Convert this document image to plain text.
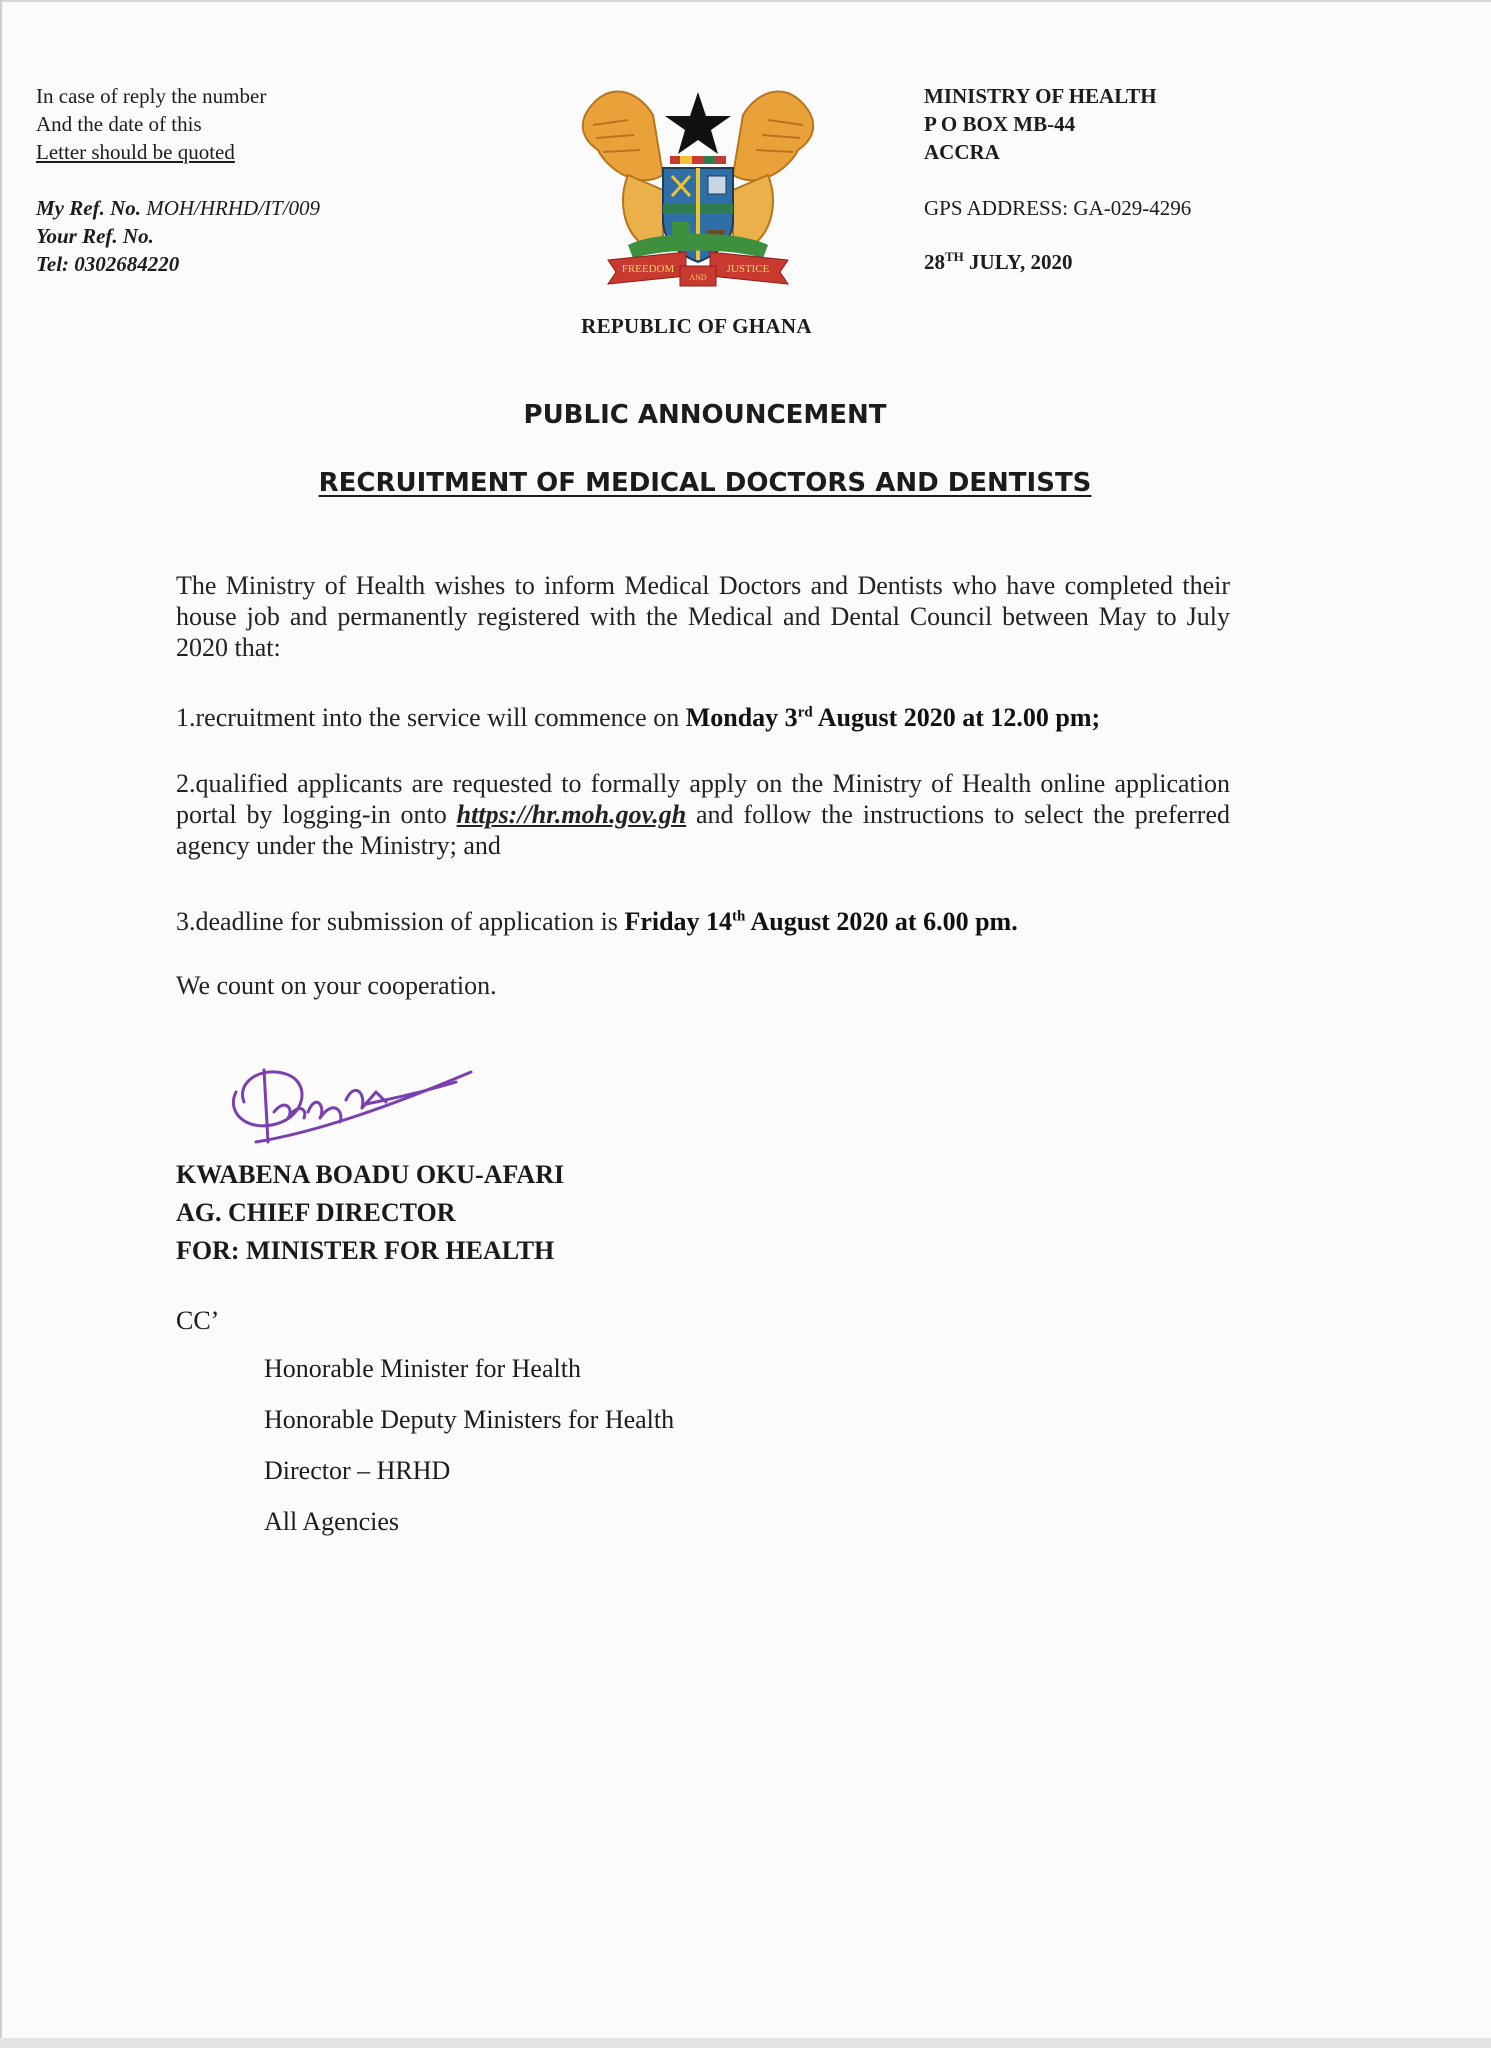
In case of reply the number
And the date of this
Letter should be quoted
My Ref. No. MOH/HRHD/IT/009
Your Ref. No.
Tel: 0302684220	FREEDOM	JUSTICE
AND
REPUBLIC OF GHANA
MINISTRY OF HEALTH
P O BOX MB-44
ACCRA
GPS ADDRESS: GA-029-4296
28TH JULY, 2020
PUBLIC ANNOUNCEMENT
RECRUITMENT OF MEDICAL DOCTORS AND DENTISTS
The Ministry of Health wishes to inform Medical Doctors and Dentists who have completed their house job and permanently registered with the Medical and Dental Council between May to July 2020 that:
1.recruitment into the service will commence on Monday 3rd August 2020 at 12.00 pm;
2.qualified applicants are requested to formally apply on the Ministry of Health online application portal by logging-in onto https://hr.moh.gov.gh and follow the instructions to select the preferred agency under the Ministry; and
3.deadline for submission of application is Friday 14th August 2020 at 6.00 pm.
We count on your cooperation.
KWABENA BOADU OKU-AFARI
AG. CHIEF DIRECTOR
FOR: MINISTER FOR HEALTH
CC’
Honorable Minister for Health
Honorable Deputy Ministers for Health
Director – HRHD
All Agencies
